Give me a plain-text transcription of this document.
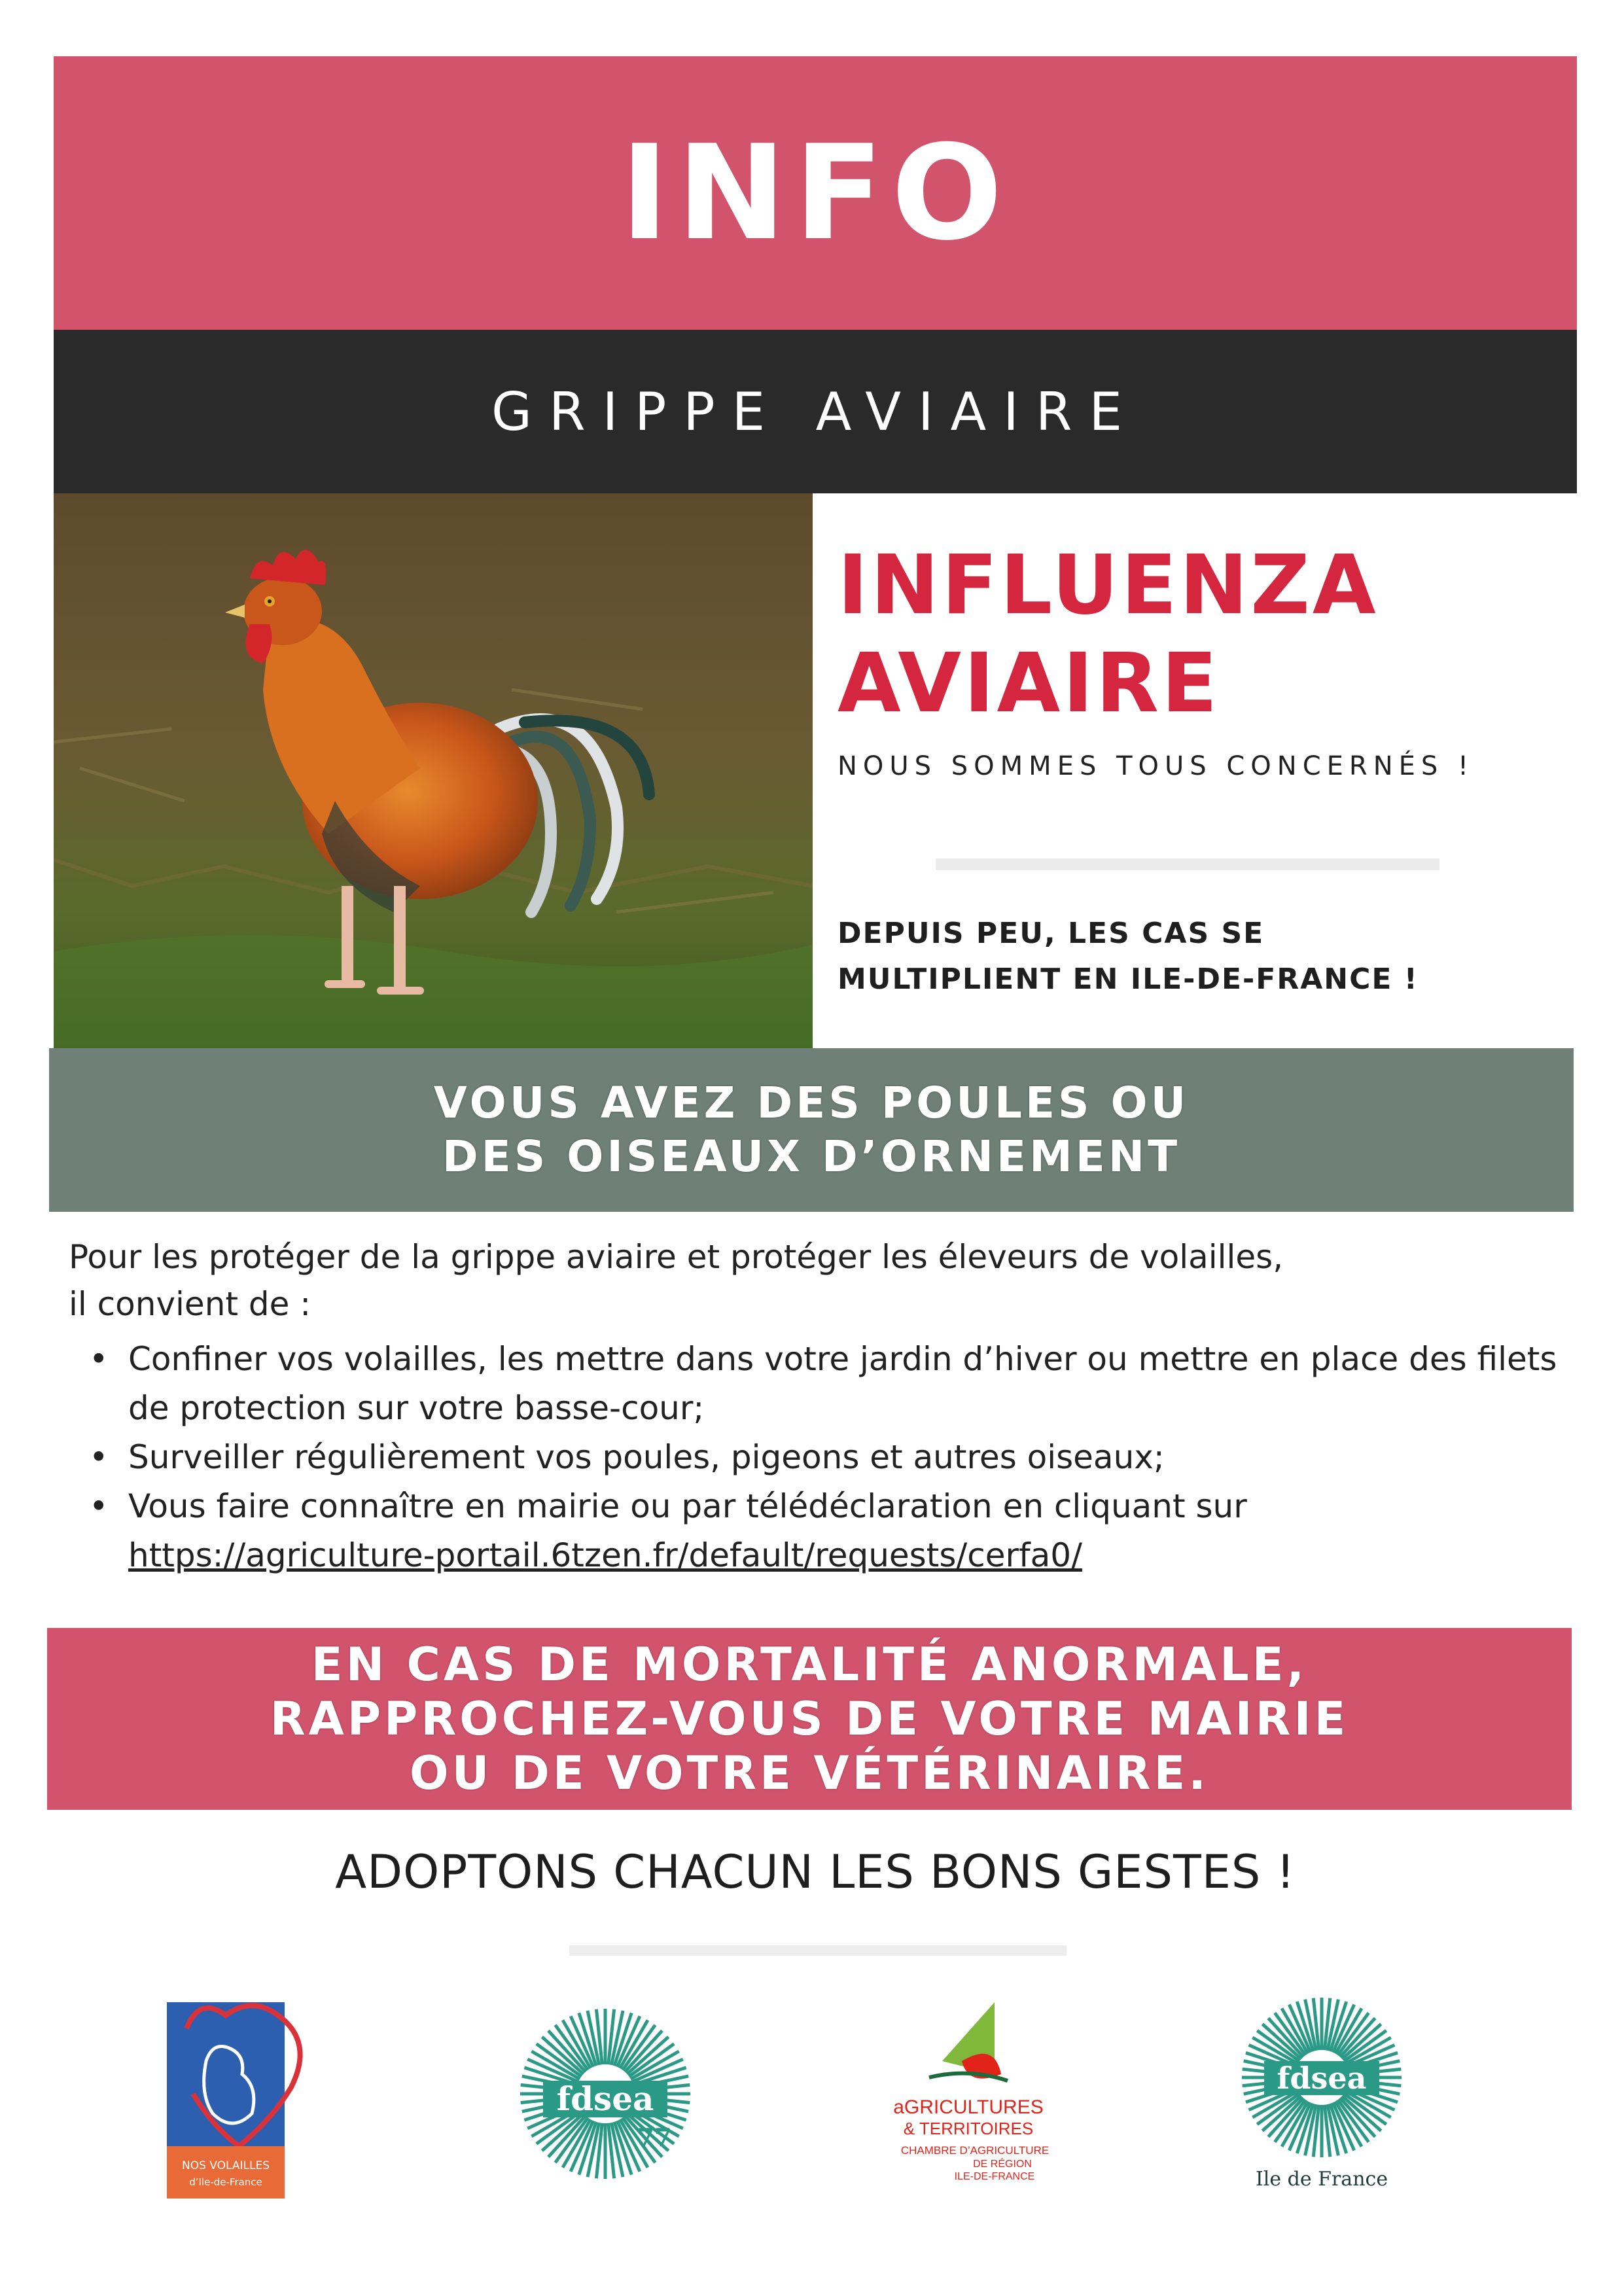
INFO
GRIPPE AVIAIRE
INFLUENZA
AVIAIRE
NOUS SOMMES TOUS CONCERNÉS !
DEPUIS PEU, LES CAS SE
MULTIPLIENT EN ILE-DE-FRANCE !
VOUS AVEZ DES POULES OU
DES OISEAUX D’ORNEMENT
Pour les protéger de la grippe aviaire et protéger les éleveurs de volailles,
il convient de :
• Confiner vos volailles, les mettre dans votre jardin d’hiver ou mettre en place des filets de protection sur votre basse-cour;
• Surveiller régulièrement vos poules, pigeons et autres oiseaux;
• Vous faire connaître en mairie ou par télédéclaration en cliquant sur
https://agriculture-portail.6tzen.fr/default/requests/cerfa0/
EN CAS DE MORTALITÉ ANORMALE,
RAPPROCHEZ-VOUS DE VOTRE MAIRIE
OU DE VOTRE VÉTÉRINAIRE.
ADOPTONS CHACUN LES BONS GESTES !
NOS VOLAILLES
d’Ile-de-France
fdsea
77
aGRICULTURES
& TERRITOIRES
CHAMBRE D’AGRICULTURE
DE RÉGION
ILE-DE-FRANCE
fdsea
Ile de France
